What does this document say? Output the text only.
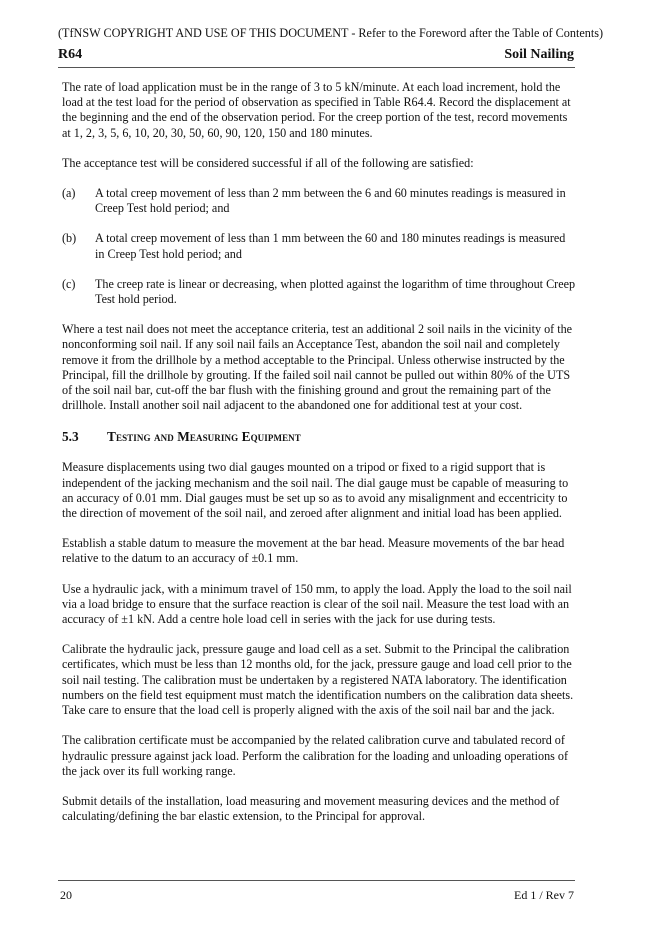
(TfNSW COPYRIGHT AND USE OF THIS DOCUMENT - Refer to the Foreword after the Table of Contents)
R64	Soil Nailing

The rate of load application must be in the range of 3 to 5 kN/minute. At each load increment, hold the load at the test load for the period of observation as specified in Table R64.4. Record the displacement at the beginning and the end of the observation period. For the creep portion of the test, record movements at 1, 2, 3, 5, 6, 10, 20, 30, 50, 60, 90, 120, 150 and 180 minutes.

The acceptance test will be considered successful if all of the following are satisfied:

(a) A total creep movement of less than 2 mm between the 6 and 60 minutes readings is measured in Creep Test hold period; and
(b) A total creep movement of less than 1 mm between the 60 and 180 minutes readings is measured in Creep Test hold period; and
(c) The creep rate is linear or decreasing, when plotted against the logarithm of time throughout Creep Test hold period.

Where a test nail does not meet the acceptance criteria, test an additional 2 soil nails in the vicinity of the nonconforming soil nail. If any soil nail fails an Acceptance Test, abandon the soil nail and completely remove it from the drillhole by a method acceptable to the Principal. Unless otherwise instructed by the Principal, fill the drillhole by grouting. If the failed soil nail cannot be pulled out within 80% of the UTS of the soil nail bar, cut-off the bar flush with the finishing ground and grout the remaining part of the drillhole. Install another soil nail adjacent to the abandoned one for additional test at your cost.

5.3 Testing and Measuring Equipment

Measure displacements using two dial gauges mounted on a tripod or fixed to a rigid support that is independent of the jacking mechanism and the soil nail. The dial gauge must be capable of measuring to an accuracy of 0.01 mm. Dial gauges must be set up so as to avoid any misalignment and eccentricity to the direction of movement of the soil nail, and zeroed after alignment and initial load has been applied.

Establish a stable datum to measure the movement at the bar head. Measure movements of the bar head relative to the datum to an accuracy of ±0.1 mm.

Use a hydraulic jack, with a minimum travel of 150 mm, to apply the load. Apply the load to the soil nail via a load bridge to ensure that the surface reaction is clear of the soil nail. Measure the test load with an accuracy of ±1 kN. Add a centre hole load cell in series with the jack for use during tests.

Calibrate the hydraulic jack, pressure gauge and load cell as a set. Submit to the Principal the calibration certificates, which must be less than 12 months old, for the jack, pressure gauge and load cell prior to the soil nail testing. The calibration must be undertaken by a registered NATA laboratory. The identification numbers on the field test equipment must match the identification numbers on the calibration data sheets. Take care to ensure that the load cell is properly aligned with the axis of the soil nail bar and the jack.

The calibration certificate must be accompanied by the related calibration curve and tabulated record of hydraulic pressure against jack load. Perform the calibration for the loading and unloading operations of the jack over its full working range.

Submit details of the installation, load measuring and movement measuring devices and the method of calculating/defining the bar elastic extension, to the Principal for approval.

20	Ed 1 / Rev 7
